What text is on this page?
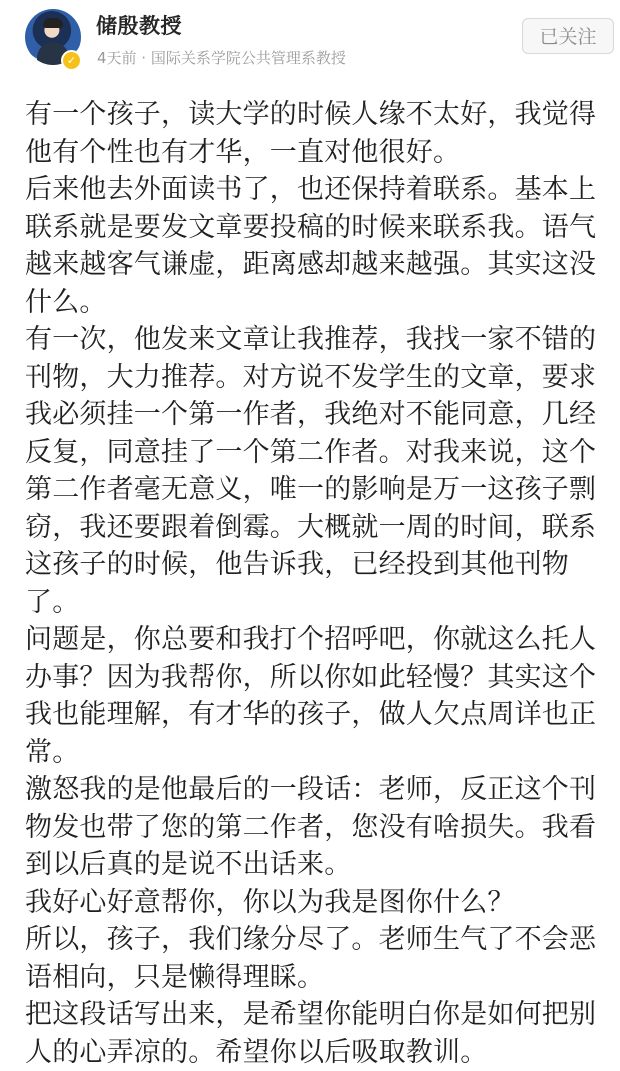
✓
储殷教授
4天前 · 国际关系学院公共管理系教授
已关注

有一个孩子，读大学的时候人缘不太好，我觉得他有个性也有才华，一直对他很好。

后来他去外面读书了，也还保持着联系。基本上联系就是要发文章要投稿的时候来联系我。语气越来越客气谦虚，距离感却越来越强。其实这没什么。

有一次，他发来文章让我推荐，我找一家不错的刊物，大力推荐。对方说不发学生的文章，要求我必须挂一个第一作者，我绝对不能同意，几经反复，同意挂了一个第二作者。对我来说，这个第二作者毫无意义，唯一的影响是万一这孩子剽窃，我还要跟着倒霉。大概就一周的时间，联系这孩子的时候，他告诉我，已经投到其他刊物了。

问题是，你总要和我打个招呼吧，你就这么托人办事？因为我帮你，所以你如此轻慢？其实这个我也能理解，有才华的孩子，做人欠点周详也正常。

激怒我的是他最后的一段话：老师，反正这个刊物发也带了您的第二作者，您没有啥损失。我看到以后真的是说不出话来。

我好心好意帮你，你以为我是图你什么？

所以，孩子，我们缘分尽了。老师生气了不会恶语相向，只是懒得理睬。

把这段话写出来，是希望你能明白你是如何把别人的心弄凉的。希望你以后吸取教训。
